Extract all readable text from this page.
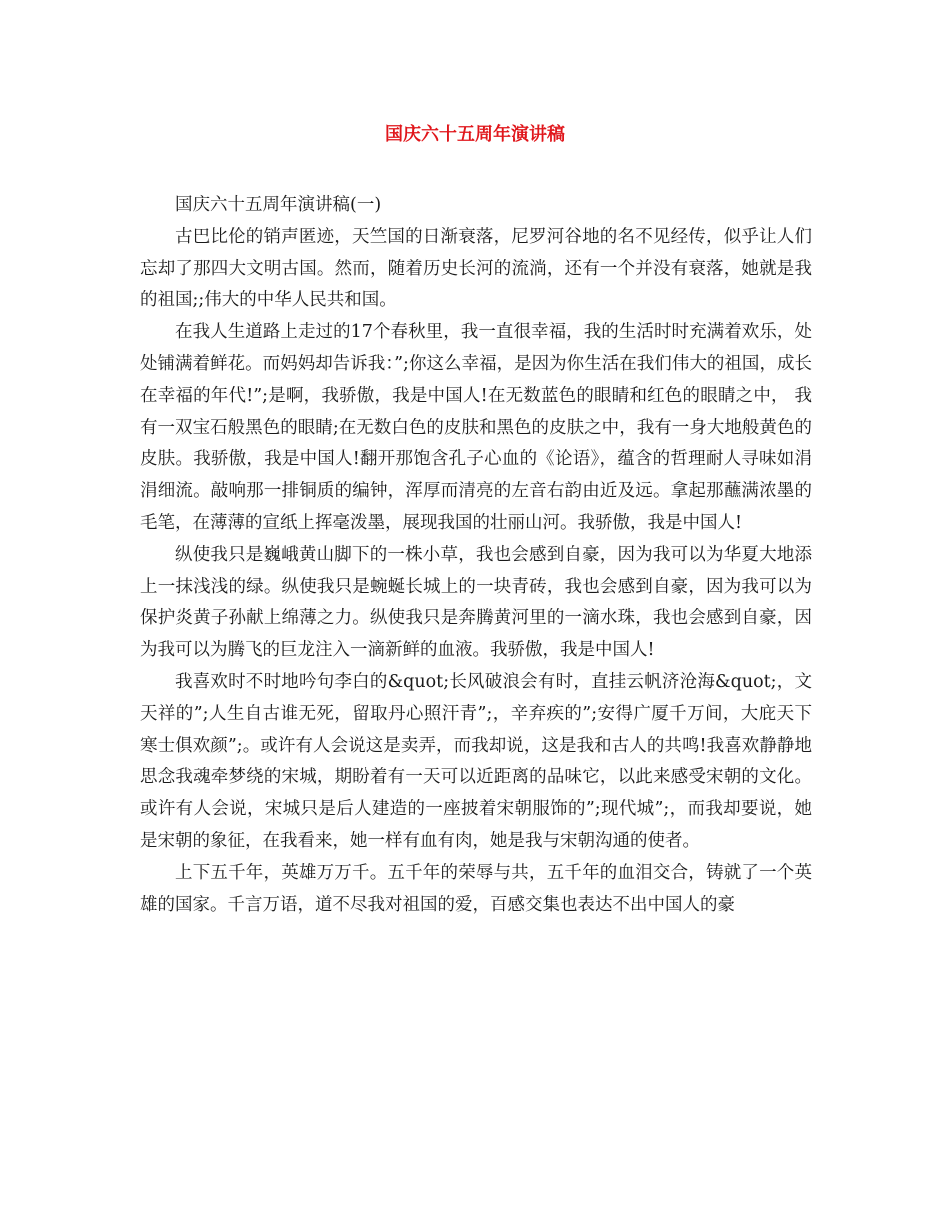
国庆六十五周年演讲稿

国庆六十五周年演讲稿(一)

古巴比伦的销声匿迹，天竺国的日渐衰落，尼罗河谷地的名不见经传，似乎让人们忘却了那四大文明古国。然而，随着历史长河的流淌，还有一个并没有衰落，她就是我的祖国;;伟大的中华人民共和国。

在我人生道路上走过的17个春秋里，我一直很幸福，我的生活时时充满着欢乐，处处铺满着鲜花。而妈妈却告诉我：”;你这么幸福，是因为你生活在我们伟大的祖国，成长在幸福的年代!”;是啊，我骄傲，我是中国人!在无数蓝色的眼睛和红色的眼睛之中， 我有一双宝石般黑色的眼睛;在无数白色的皮肤和黑色的皮肤之中，我有一身大地般黄色的皮肤。我骄傲，我是中国人!翻开那饱含孔子心血的《论语》，蕴含的哲理耐人寻味如涓涓细流。敲响那一排铜质的编钟，浑厚而清亮的左音右韵由近及远。拿起那蘸满浓墨的毛笔，在薄薄的宣纸上挥毫泼墨，展现我国的壮丽山河。我骄傲，我是中国人!

纵使我只是巍峨黄山脚下的一株小草，我也会感到自豪，因为我可以为华夏大地添上一抹浅浅的绿。纵使我只是蜿蜒长城上的一块青砖，我也会感到自豪，因为我可以为保护炎黄子孙献上绵薄之力。纵使我只是奔腾黄河里的一滴水珠，我也会感到自豪，因为我可以为腾飞的巨龙注入一滴新鲜的血液。我骄傲，我是中国人!

我喜欢时不时地吟句李白的&quot;长风破浪会有时，直挂云帆济沧海&quot;，文天祥的”;人生自古谁无死，留取丹心照汗青”;，辛弃疾的”;安得广厦千万间，大庇天下寒士俱欢颜”;。或许有人会说这是卖弄，而我却说，这是我和古人的共鸣!我喜欢静静地思念我魂牵梦绕的宋城，期盼着有一天可以近距离的品味它，以此来感受宋朝的文化。或许有人会说，宋城只是后人建造的一座披着宋朝服饰的”;现代城”;，而我却要说，她是宋朝的象征，在我看来，她一样有血有肉，她是我与宋朝沟通的使者。

上下五千年，英雄万万千。五千年的荣辱与共，五千年的血泪交合，铸就了一个英雄的国家。千言万语，道不尽我对祖国的爱，百感交集也表达不出中国人的豪
